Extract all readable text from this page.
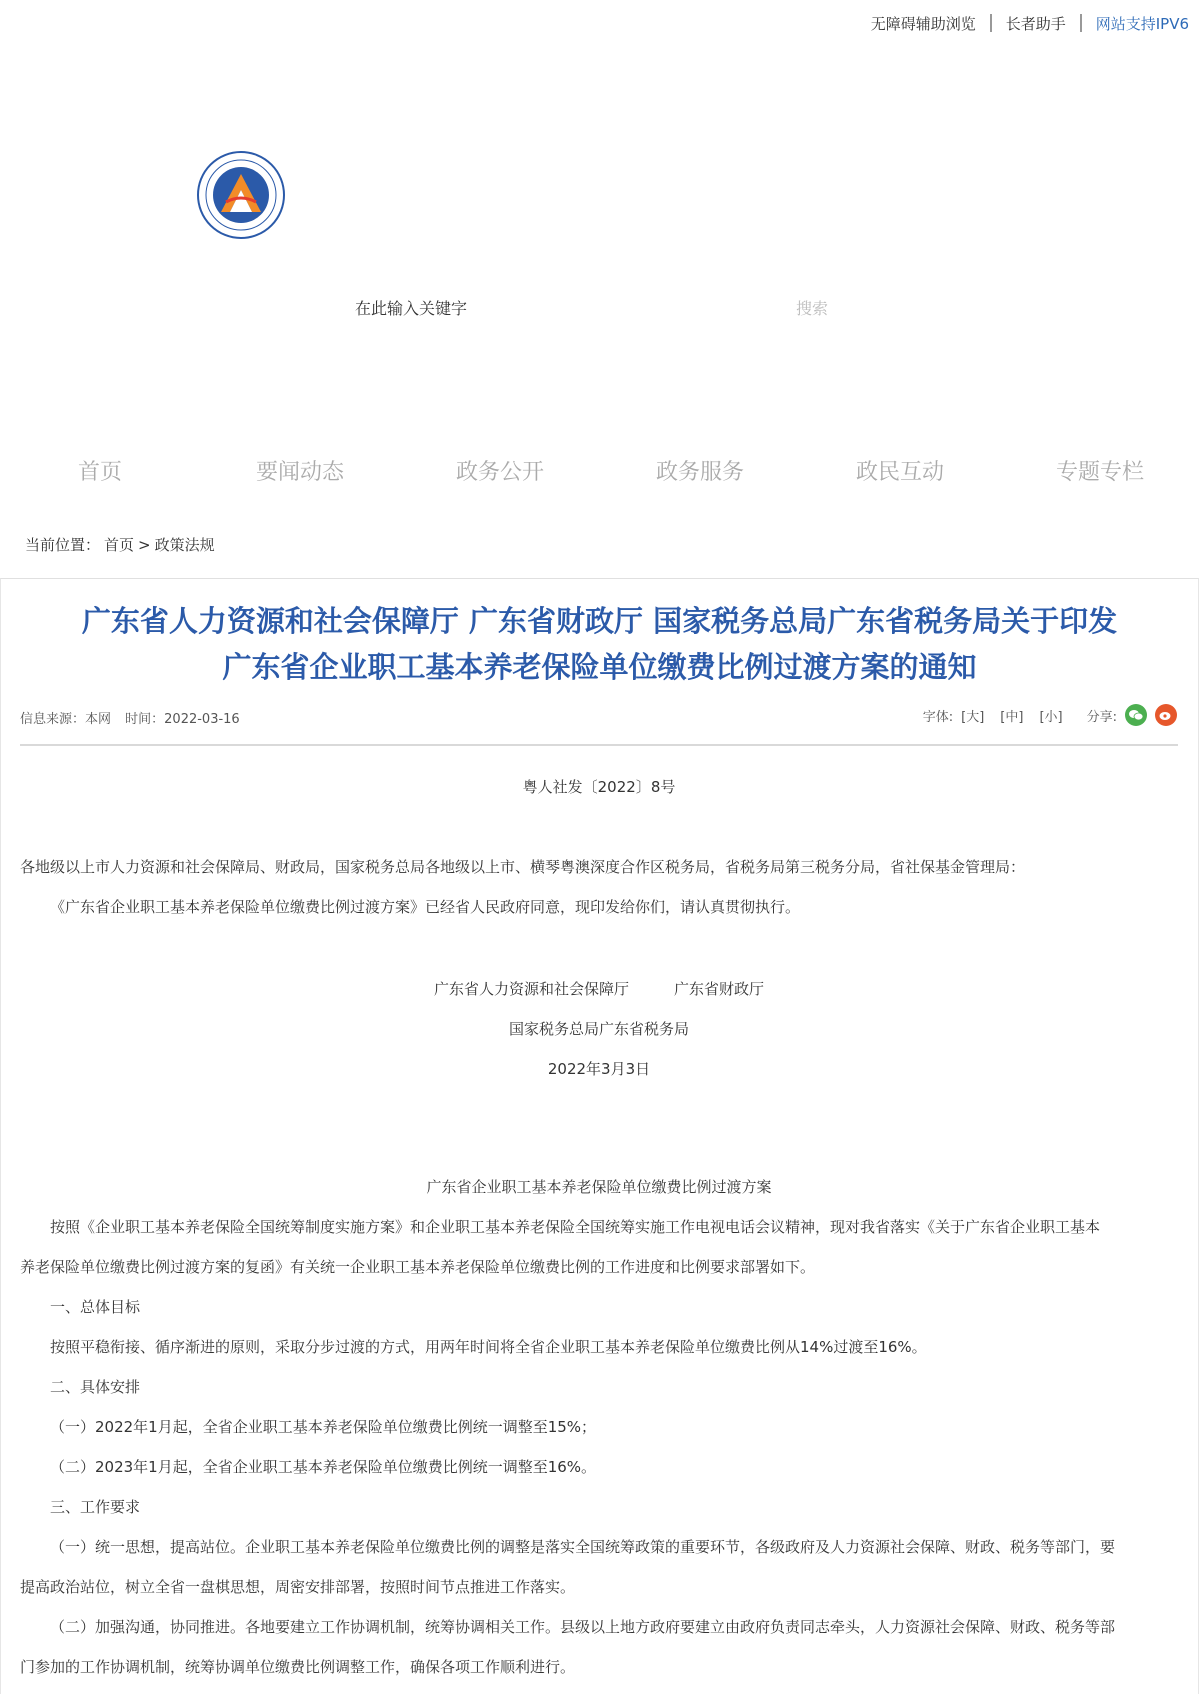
无障碍辅助浏览 长者助手 网站支持IPV6
在此输入关键字	搜索
首页	要闻动态	政务公开	政务服务	政民互动	专题专栏
当前位置： 首页 > 政策法规
广东省人力资源和社会保障厅 广东省财政厅 国家税务总局广东省税务局关于印发
广东省企业职工基本养老保险单位缴费比例过渡方案的通知
信息来源：本网 时间：2022-03-16	字体: [大] [中] [小] 分享:
粤人社发〔2022〕8号
各地级以上市人力资源和社会保障局、财政局，国家税务总局各地级以上市、横琴粤澳深度合作区税务局，省税务局第三税务分局，省社保基金管理局：
《广东省企业职工基本养老保险单位缴费比例过渡方案》已经省人民政府同意，现印发给你们，请认真贯彻执行。
广东省人力资源和社会保障厅　　　广东省财政厅
国家税务总局广东省税务局
2022年3月3日
广东省企业职工基本养老保险单位缴费比例过渡方案
按照《企业职工基本养老保险全国统筹制度实施方案》和企业职工基本养老保险全国统筹实施工作电视电话会议精神，现对我省落实《关于广东省企业职工基本
养老保险单位缴费比例过渡方案的复函》有关统一企业职工基本养老保险单位缴费比例的工作进度和比例要求部署如下。
一、总体目标
按照平稳衔接、循序渐进的原则，采取分步过渡的方式，用两年时间将全省企业职工基本养老保险单位缴费比例从14%过渡至16%。
二、具体安排
（一）2022年1月起，全省企业职工基本养老保险单位缴费比例统一调整至15%；
（二）2023年1月起，全省企业职工基本养老保险单位缴费比例统一调整至16%。
三、工作要求
（一）统一思想，提高站位。企业职工基本养老保险单位缴费比例的调整是落实全国统筹政策的重要环节，各级政府及人力资源社会保障、财政、税务等部门，要
提高政治站位，树立全省一盘棋思想，周密安排部署，按照时间节点推进工作落实。
（二）加强沟通，协同推进。各地要建立工作协调机制，统筹协调相关工作。县级以上地方政府要建立由政府负责同志牵头，人力资源社会保障、财政、税务等部
门参加的工作协调机制，统筹协调单位缴费比例调整工作，确保各项工作顺利进行。
